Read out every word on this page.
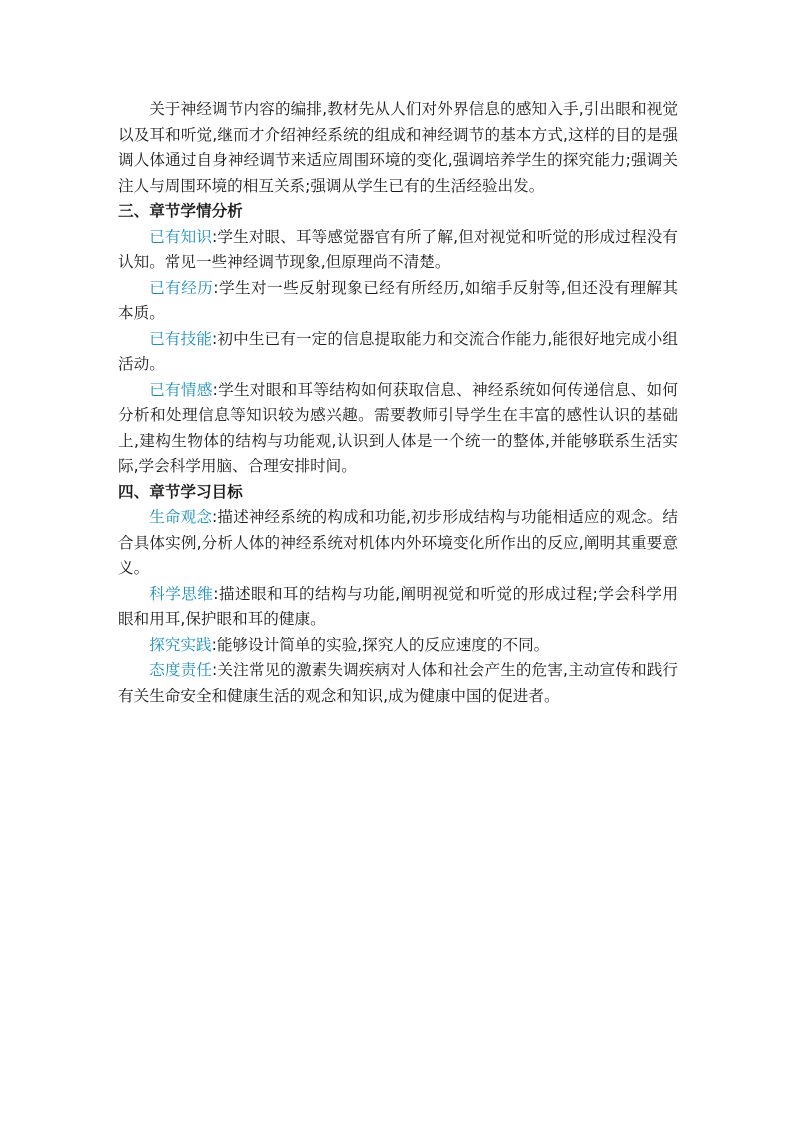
关于神经调节内容的编排,教材先从人们对外界信息的感知入手,引出眼和视觉以及耳和听觉,继而才介绍神经系统的组成和神经调节的基本方式,这样的目的是强调人体通过自身神经调节来适应周围环境的变化,强调培养学生的探究能力;强调关注人与周围环境的相互关系;强调从学生已有的生活经验出发。

三、章节学情分析

已有知识:学生对眼、耳等感觉器官有所了解,但对视觉和听觉的形成过程没有认知。常见一些神经调节现象,但原理尚不清楚。

已有经历:学生对一些反射现象已经有所经历,如缩手反射等,但还没有理解其本质。

已有技能:初中生已有一定的信息提取能力和交流合作能力,能很好地完成小组活动。

已有情感:学生对眼和耳等结构如何获取信息、神经系统如何传递信息、如何分析和处理信息等知识较为感兴趣。需要教师引导学生在丰富的感性认识的基础上,建构生物体的结构与功能观,认识到人体是一个统一的整体,并能够联系生活实际,学会科学用脑、合理安排时间。

四、章节学习目标

生命观念:描述神经系统的构成和功能,初步形成结构与功能相适应的观念。结合具体实例,分析人体的神经系统对机体内外环境变化所作出的反应,阐明其重要意义。

科学思维:描述眼和耳的结构与功能,阐明视觉和听觉的形成过程;学会科学用眼和用耳,保护眼和耳的健康。

探究实践:能够设计简单的实验,探究人的反应速度的不同。

态度责任:关注常见的激素失调疾病对人体和社会产生的危害,主动宣传和践行有关生命安全和健康生活的观念和知识,成为健康中国的促进者。
